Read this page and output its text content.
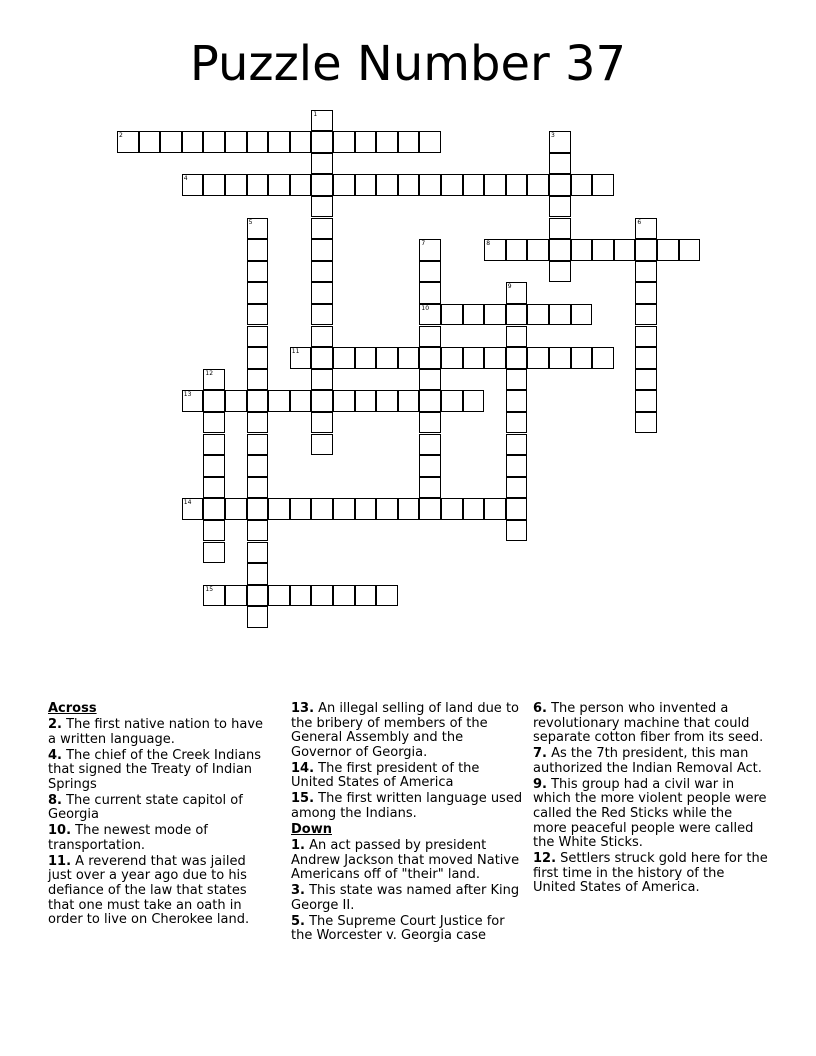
Puzzle Number 37
1
2	3
4
5	6
7
10
8
9
11
12
13
14
15

Across

2. The first native nation to have a written language.

4. The chief of the Creek Indians that signed the Treaty of Indian Springs

8. The current state capitol of Georgia

10. The newest mode of transportation.

11. A reverend that was jailed just over a year ago due to his defiance of the law that states that one must take an oath in order to live on Cherokee land.

13. An illegal selling of land due to the bribery of members of the General Assembly and the Governor of Georgia.

14. The first president of the United States of America

15. The first written language used among the Indians.

Down

1. An act passed by president Andrew Jackson that moved Native Americans off of "their" land.

3. This state was named after King George II.

5. The Supreme Court Justice for the Worcester v. Georgia case

6. The person who invented a revolutionary machine that could separate cotton fiber from its seed.

7. As the 7th president, this man authorized the Indian Removal Act.

9. This group had a civil war in which the more violent people were called the Red Sticks while the more peaceful people were called the White Sticks.

12. Settlers struck gold here for the first time in the history of the United States of America.
